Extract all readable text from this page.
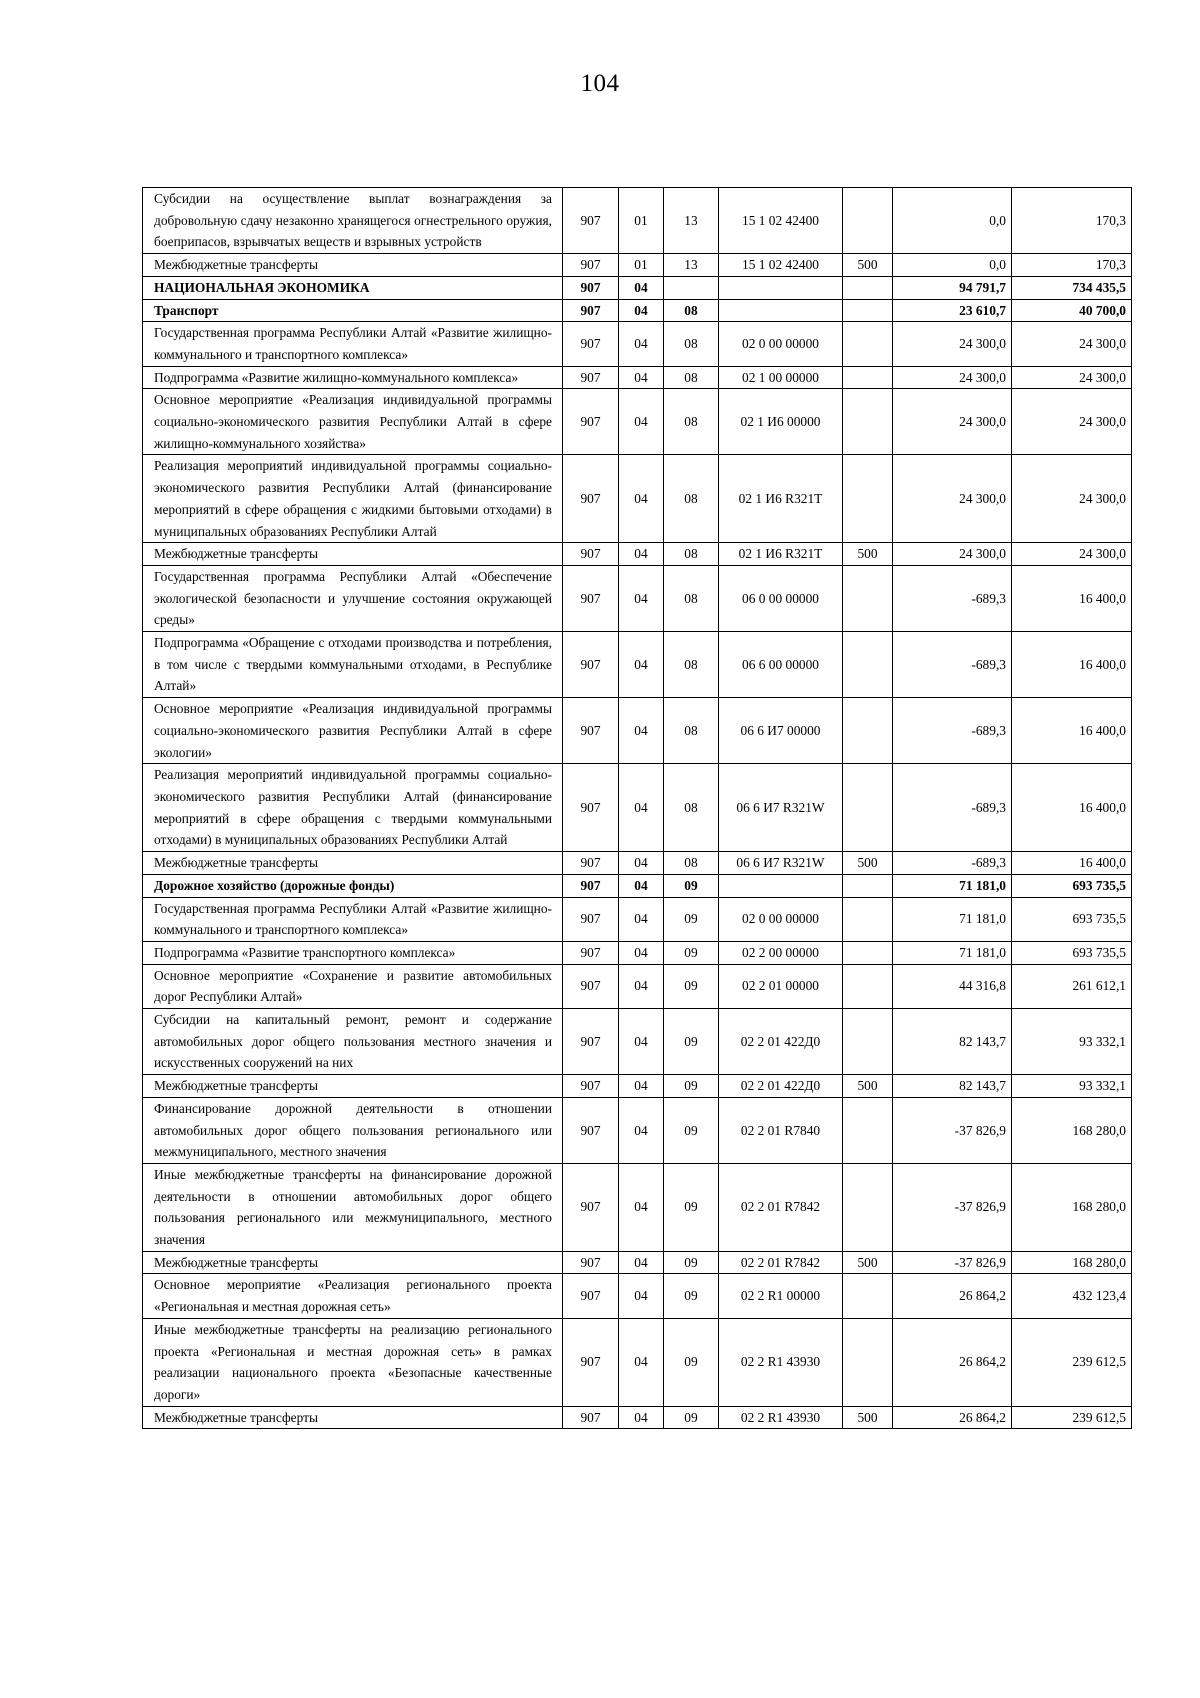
104
Субсидии на осуществление выплат вознаграждения за добровольную сдачу незаконно хранящегося огнестрельного оружия, боеприпасов, взрывчатых веществ и взрывных устройств	907	01	13	15 1 02 42400		0,0	170,3
Межбюджетные трансферты	907	01	13	15 1 02 42400	500	0,0	170,3
НАЦИОНАЛЬНАЯ ЭКОНОМИКА	907	04				94 791,7	734 435,5
Транспорт	907	04	08			23 610,7	40 700,0
Государственная программа Республики Алтай «Развитие жилищно-коммунального и транспортного комплекса»	907	04	08	02 0 00 00000		24 300,0	24 300,0
Подпрограмма «Развитие жилищно-коммунального комплекса»	907	04	08	02 1 00 00000		24 300,0	24 300,0
Основное мероприятие «Реализация индивидуальной программы социально-экономического развития Республики Алтай в сфере жилищно-коммунального хозяйства»	907	04	08	02 1 И6 00000		24 300,0	24 300,0
Реализация мероприятий индивидуальной программы социально-экономического развития Республики Алтай (финансирование мероприятий в сфере обращения с жидкими бытовыми отходами) в муниципальных образованиях Республики Алтай	907	04	08	02 1 И6 R321Т		24 300,0	24 300,0
Межбюджетные трансферты	907	04	08	02 1 И6 R321Т	500	24 300,0	24 300,0
Государственная программа Республики Алтай «Обеспечение экологической безопасности и улучшение состояния окружающей среды»	907	04	08	06 0 00 00000		-689,3	16 400,0
Подпрограмма «Обращение с отходами производства и потребления, в том числе с твердыми коммунальными отходами, в Республике Алтай»	907	04	08	06 6 00 00000		-689,3	16 400,0
Основное мероприятие «Реализация индивидуальной программы социально-экономического развития Республики Алтай в сфере экологии»	907	04	08	06 6 И7 00000		-689,3	16 400,0
Реализация мероприятий индивидуальной программы социально-экономического развития Республики Алтай (финансирование мероприятий в сфере обращения с твердыми коммунальными отходами) в муниципальных образованиях Республики Алтай	907	04	08	06 6 И7 R321W		-689,3	16 400,0
Межбюджетные трансферты	907	04	08	06 6 И7 R321W	500	-689,3	16 400,0
Дорожное хозяйство (дорожные фонды)	907	04	09			71 181,0	693 735,5
Государственная программа Республики Алтай «Развитие жилищно-коммунального и транспортного комплекса»	907	04	09	02 0 00 00000		71 181,0	693 735,5
Подпрограмма «Развитие транспортного комплекса»	907	04	09	02 2 00 00000		71 181,0	693 735,5
Основное мероприятие «Сохранение и развитие автомобильных дорог Республики Алтай»	907	04	09	02 2 01 00000		44 316,8	261 612,1
Субсидии на капитальный ремонт, ремонт и содержание автомобильных дорог общего пользования местного значения и искусственных сооружений на них	907	04	09	02 2 01 422Д0		82 143,7	93 332,1
Межбюджетные трансферты	907	04	09	02 2 01 422Д0	500	82 143,7	93 332,1
Финансирование дорожной деятельности в отношении автомобильных дорог общего пользования регионального или межмуниципального, местного значения	907	04	09	02 2 01 R7840		-37 826,9	168 280,0
Иные межбюджетные трансферты на финансирование дорожной деятельности в отношении автомобильных дорог общего пользования регионального или межмуниципального, местного значения	907	04	09	02 2 01 R7842		-37 826,9	168 280,0
Межбюджетные трансферты	907	04	09	02 2 01 R7842	500	-37 826,9	168 280,0
Основное мероприятие «Реализация регионального проекта «Региональная и местная дорожная сеть»	907	04	09	02 2 R1 00000		26 864,2	432 123,4
Иные межбюджетные трансферты на реализацию регионального проекта «Региональная и местная дорожная сеть» в рамках реализации национального проекта «Безопасные качественные дороги»	907	04	09	02 2 R1 43930		26 864,2	239 612,5
Межбюджетные трансферты	907	04	09	02 2 R1 43930	500	26 864,2	239 612,5
